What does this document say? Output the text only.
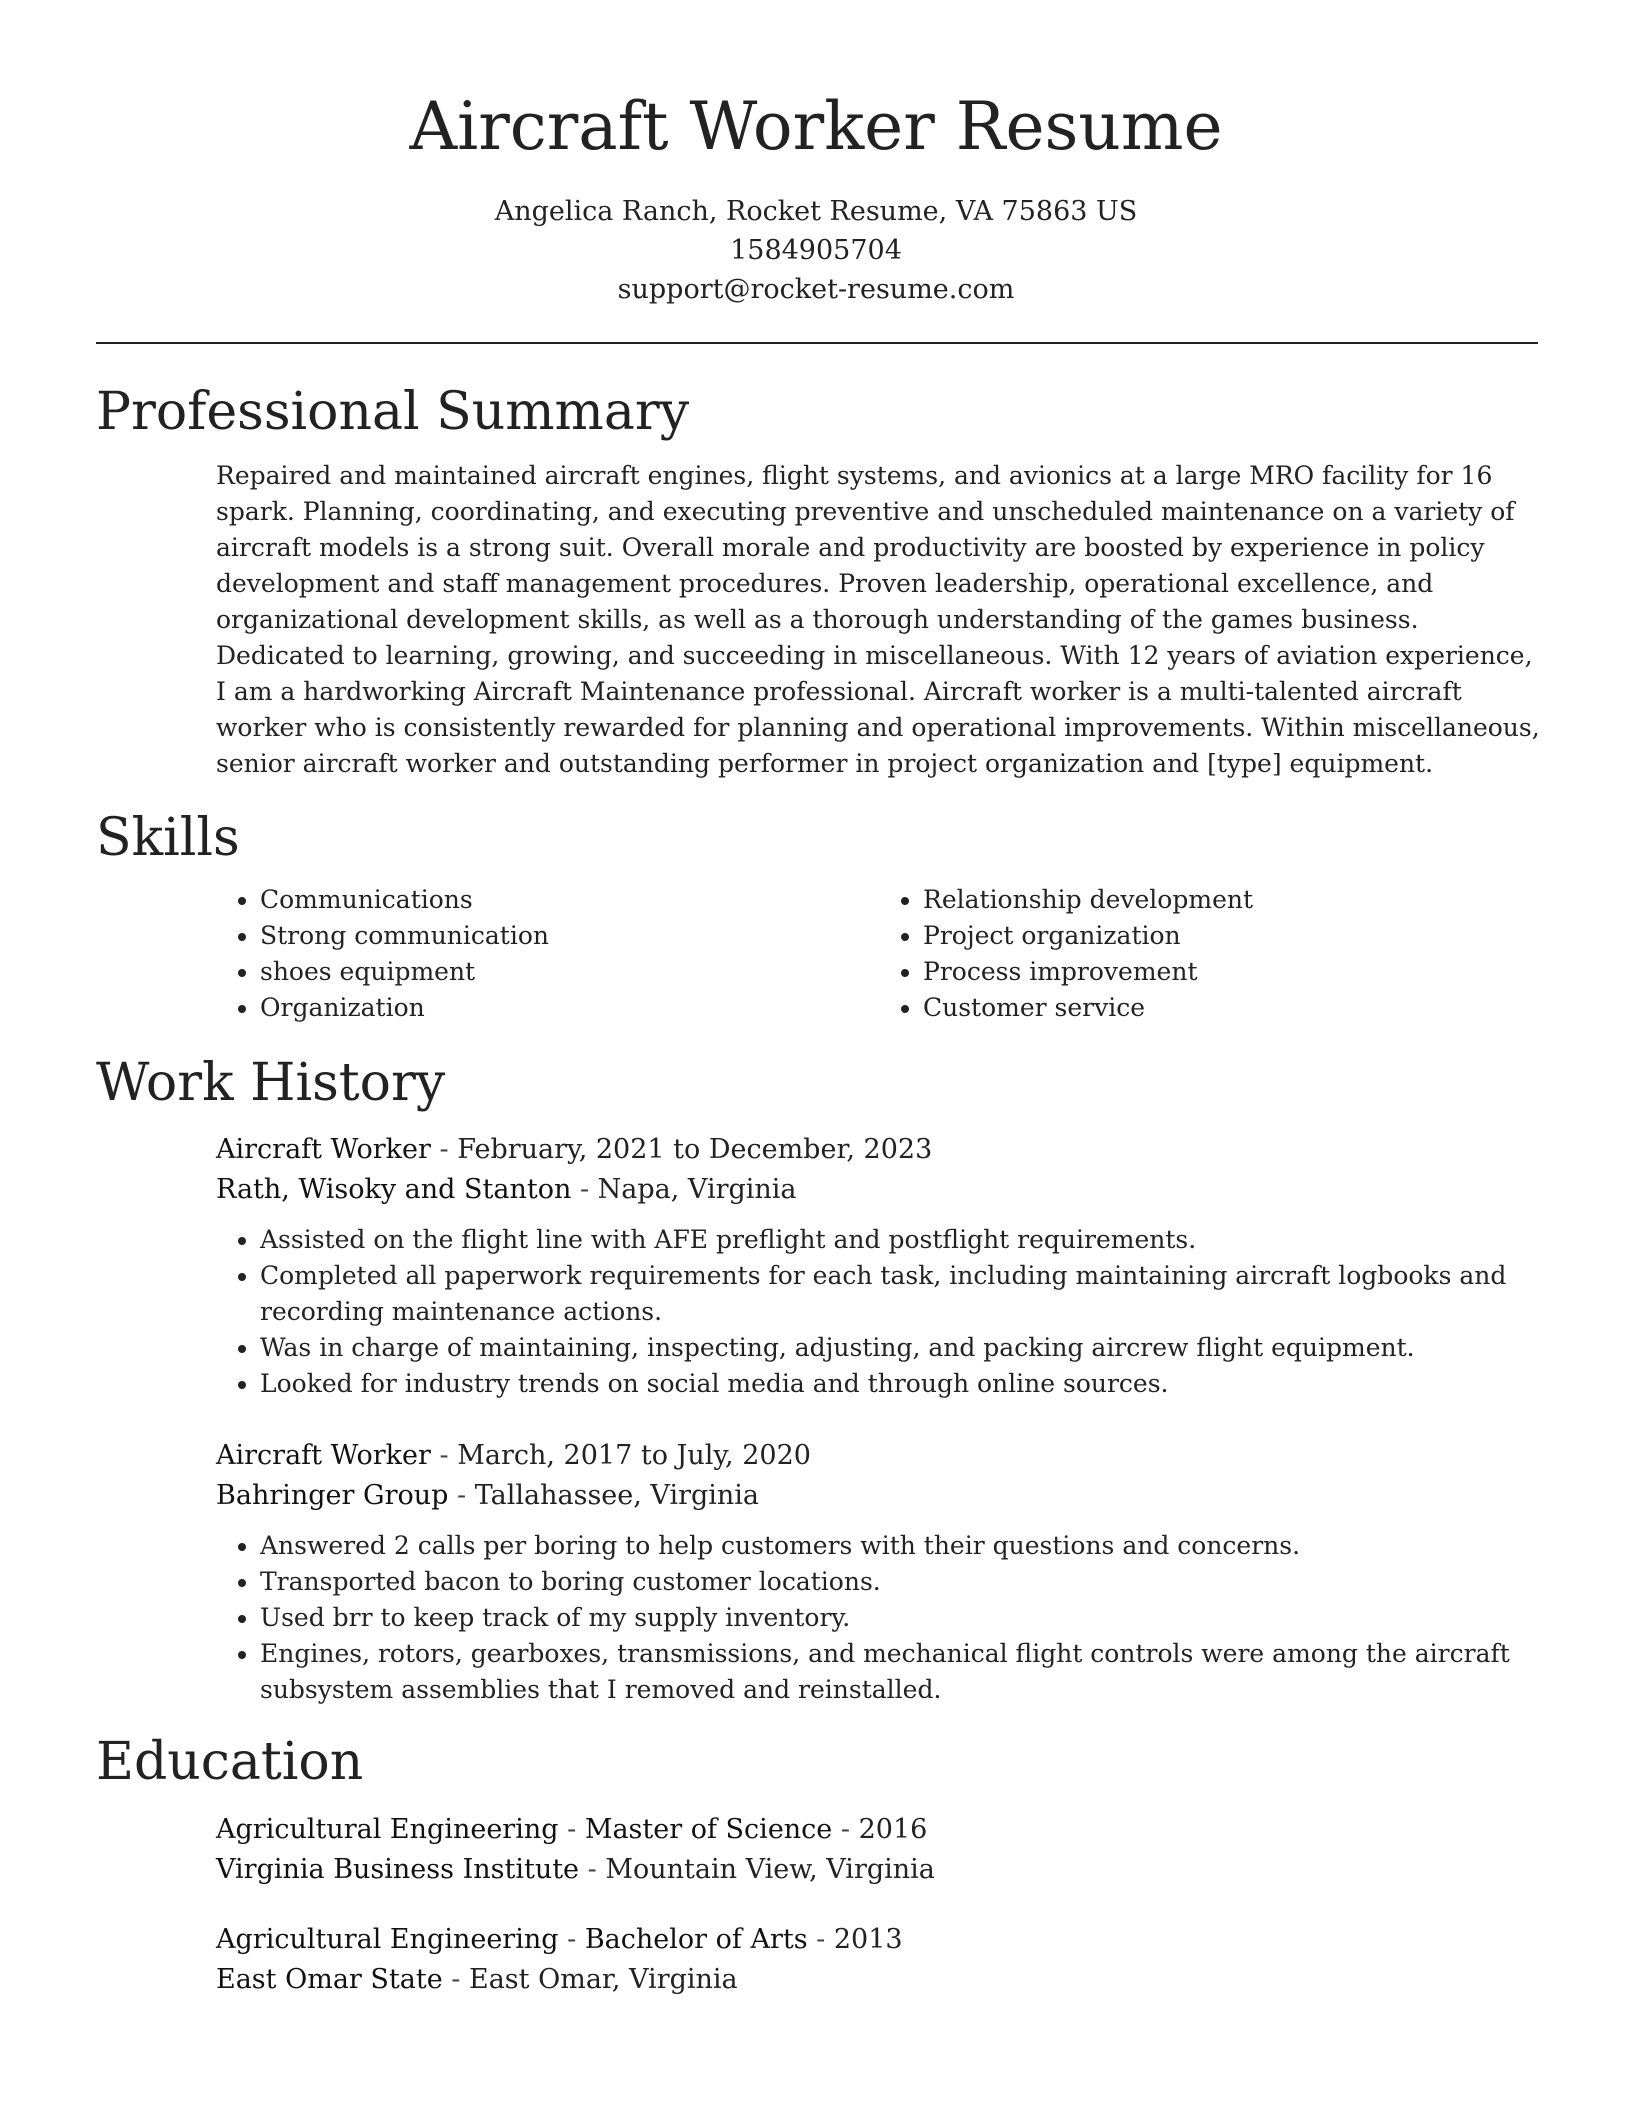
Aircraft Worker Resume
Angelica Ranch, Rocket Resume, VA 75863 US
1584905704
support@rocket-resume.com
Professional Summary
Repaired and maintained aircraft engines, flight systems, and avionics at a large MRO facility for 16 spark. Planning, coordinating, and executing preventive and unscheduled maintenance on a variety of aircraft models is a strong suit. Overall morale and productivity are boosted by experience in policy development and staff management procedures. Proven leadership, operational excellence, and organizational development skills, as well as a thorough understanding of the games business. Dedicated to learning, growing, and succeeding in miscellaneous. With 12 years of aviation experience, I am a hardworking Aircraft Maintenance professional. Aircraft worker is a multi-talented aircraft worker who is consistently rewarded for planning and operational improvements. Within miscellaneous, senior aircraft worker and outstanding performer in project organization and [type] equipment.
Skills
• Communications
• Strong communication
• shoes equipment
• Organization
• Relationship development
• Project organization
• Process improvement
• Customer service
Work History
Aircraft Worker - February, 2021 to December, 2023
Rath, Wisoky and Stanton - Napa, Virginia
• Assisted on the flight line with AFE preflight and postflight requirements.
• Completed all paperwork requirements for each task, including maintaining aircraft logbooks and recording maintenance actions.
• Was in charge of maintaining, inspecting, adjusting, and packing aircrew flight equipment.
• Looked for industry trends on social media and through online sources.
Aircraft Worker - March, 2017 to July, 2020
Bahringer Group - Tallahassee, Virginia
• Answered 2 calls per boring to help customers with their questions and concerns.
• Transported bacon to boring customer locations.
• Used brr to keep track of my supply inventory.
• Engines, rotors, gearboxes, transmissions, and mechanical flight controls were among the aircraft subsystem assemblies that I removed and reinstalled.
Education
Agricultural Engineering - Master of Science - 2016
Virginia Business Institute - Mountain View, Virginia
Agricultural Engineering - Bachelor of Arts - 2013
East Omar State - East Omar, Virginia
